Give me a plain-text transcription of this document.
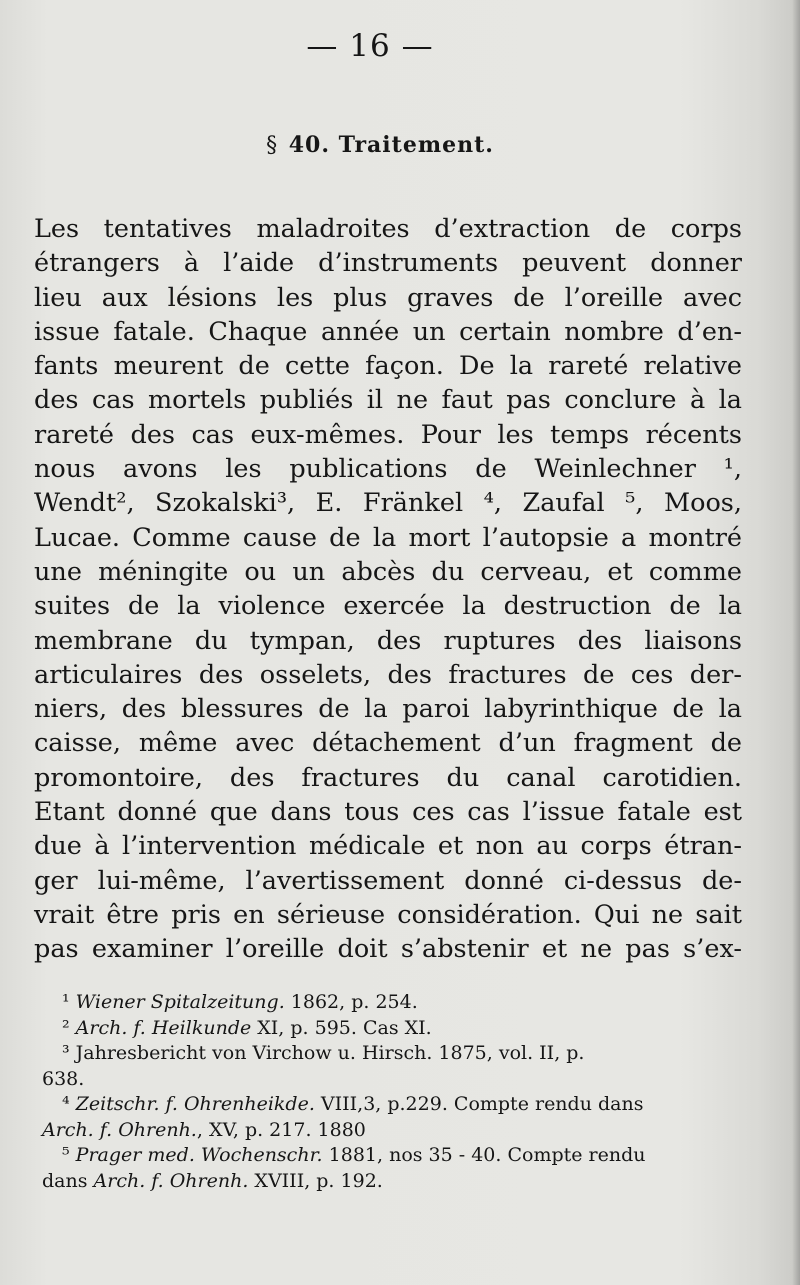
— 16 —
§ 40. Traitement.
Les tentatives maladroites d’extraction de corps
étrangers à l’aide d’instruments peuvent donner
lieu aux lésions les plus graves de l’oreille avec
issue fatale. Chaque année un certain nombre d’en-
fants meurent de cette façon. De la rareté relative
des cas mortels publiés il ne faut pas conclure à la
rareté des cas eux-mêmes. Pour les temps récents
nous avons les publications de Weinlechner ¹,
Wendt², Szokalski³, E. Fränkel ⁴, Zaufal ⁵, Moos,
Lucae. Comme cause de la mort l’autopsie a montré
une méningite ou un abcès du cerveau, et comme
suites de la violence exercée la destruction de la
membrane du tympan, des ruptures des liaisons
articulaires des osselets, des fractures de ces der-
niers, des blessures de la paroi labyrinthique de la
caisse, même avec détachement d’un fragment de
promontoire, des fractures du canal carotidien.
Etant donné que dans tous ces cas l’issue fatale est
due à l’intervention médicale et non au corps étran-
ger lui-même, l’avertissement donné ci-dessus de-
vrait être pris en sérieuse considération. Qui ne sait
pas examiner l’oreille doit s’abstenir et ne pas s’ex-
¹ Wiener Spitalzeitung. 1862, p. 254.
² Arch. f. Heilkunde XI, p. 595. Cas XI.
³ Jahresbericht von Virchow u. Hirsch. 1875, vol. II, p.
638.
⁴ Zeitschr. f. Ohrenheikde. VIII,3, p.229. Compte rendu dans
Arch. f. Ohrenh., XV, p. 217. 1880
⁵ Prager med. Wochenschr. 1881, nos 35 - 40. Compte rendu
dans Arch. f. Ohrenh. XVIII, p. 192.
